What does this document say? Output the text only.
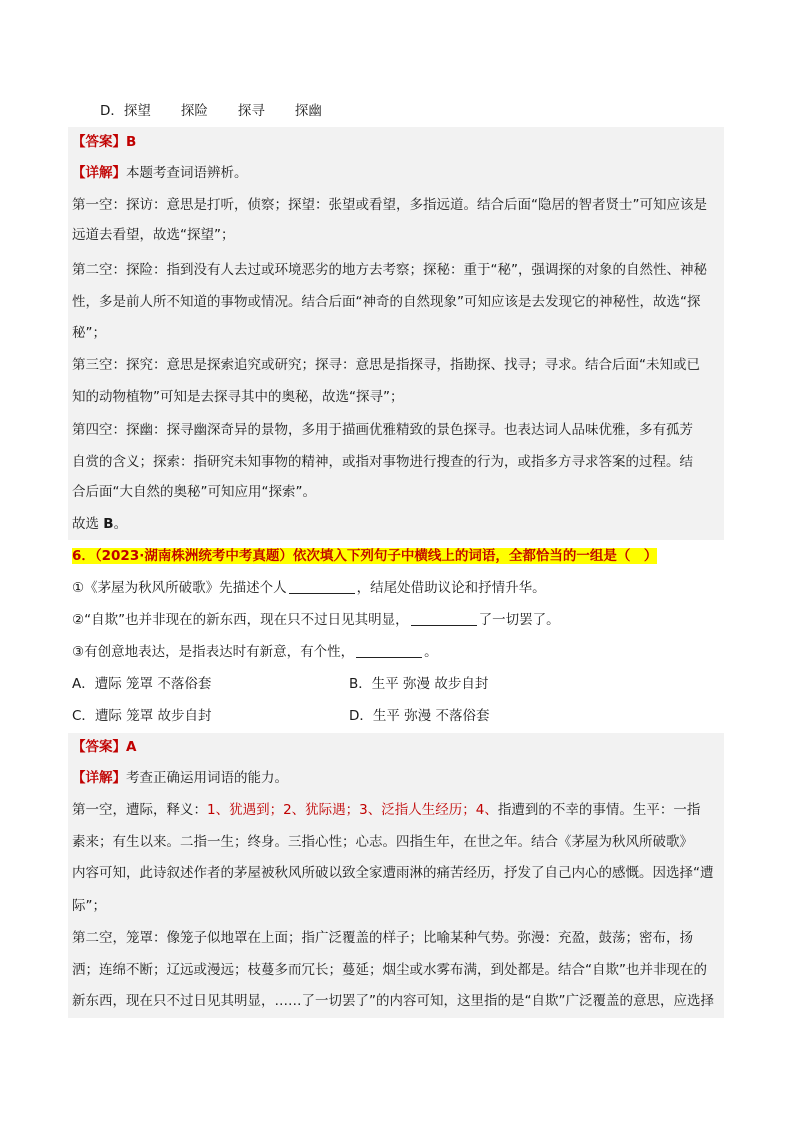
D．探望 探险 探寻 探幽
【答案】B
【详解】本题考查词语辨析。
第一空：探访：意思是打听，侦察；探望：张望或看望，多指远道。结合后面“隐居的智者贤士”可知应该是
远道去看望，故选“探望”；
第二空：探险：指到没有人去过或环境恶劣的地方去考察；探秘：重于“秘”，强调探的对象的自然性、神秘
性，多是前人所不知道的事物或情况。结合后面“神奇的自然现象”可知应该是去发现它的神秘性，故选“探
秘”；
第三空：探究：意思是探索追究或研究；探寻：意思是指探寻，指勘探、找寻；寻求。结合后面“未知或已
知的动物植物”可知是去探寻其中的奥秘，故选“探寻”；
第四空：探幽：探寻幽深奇异的景物，多用于描画优雅精致的景色探寻。也表达词人品味优雅，多有孤芳
自赏的含义；探索：指研究未知事物的精神，或指对事物进行搜查的行为，或指多方寻求答案的过程。结
合后面“大自然的奥秘”可知应用“探索”。
故选 B。
6．（2023·湖南株洲统考中考真题）依次填入下列句子中横线上的词语，全都恰当的一组是（　）
①《茅屋为秋风所破歌》先描述个人	，结尾处借助议论和抒情升华。
②“自欺”也并非现在的新东西，现在只不过日见其明显，	了一切罢了。
③有创意地表达，是指表达时有新意，有个性，	。
A．遭际 笼罩 不落俗套	B．生平 弥漫 故步自封
C．遭际 笼罩 故步自封	D．生平 弥漫 不落俗套
【答案】A
【详解】考查正确运用词语的能力。
第一空，遭际，释义：1、犹遇到；2、犹际遇；3、泛指人生经历；4、指遭到的不幸的事情。生平：一指
素来；有生以来。二指一生；终身。三指心性；心志。四指生年，在世之年。结合《茅屋为秋风所破歌》
内容可知，此诗叙述作者的茅屋被秋风所破以致全家遭雨淋的痛苦经历，抒发了自己内心的感慨。因选择“遭
际”；
第二空，笼罩：像笼子似地罩在上面；指广泛覆盖的样子；比喻某种气势。弥漫：充盈，鼓荡；密布，扬
洒；连绵不断；辽远或漫远；枝蔓多而冗长；蔓延；烟尘或水雾布满，到处都是。结合“自欺”也并非现在的
新东西，现在只不过日见其明显，……了一切罢了”的内容可知，这里指的是“自欺”广泛覆盖的意思，应选择
